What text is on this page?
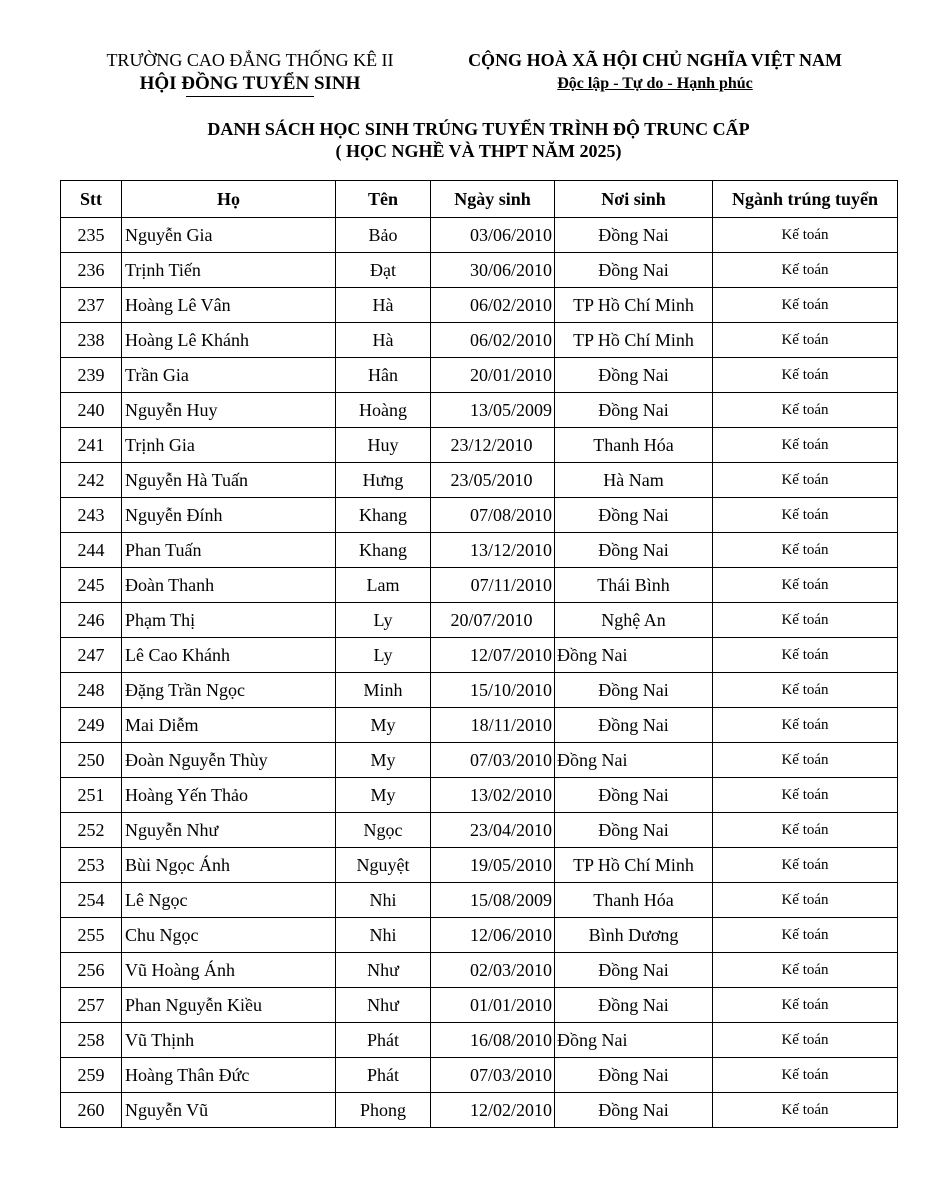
TRƯỜNG CAO ĐẲNG THỐNG KÊ II
HỘI ĐỒNG TUYỂN SINH
CỘNG HOÀ XÃ HỘI CHỦ NGHĨA VIỆT NAM
Độc lập - Tự do - Hạnh phúc
DANH SÁCH HỌC SINH TRÚNG TUYỂN TRÌNH ĐỘ TRUNC CẤP
( HỌC NGHỀ VÀ THPT NĂM 2025)
Stt	Họ	Tên	Ngày sinh	Nơi sinh	Ngành trúng tuyển
235	Nguyễn Gia	Bảo	03/06/2010	Đồng Nai	Kế toán
236	Trịnh Tiến	Đạt	30/06/2010	Đồng Nai	Kế toán
237	Hoàng Lê Vân	Hà	06/02/2010	TP Hồ Chí Minh	Kế toán
238	Hoàng Lê Khánh	Hà	06/02/2010	TP Hồ Chí Minh	Kế toán
239	Trần Gia	Hân	20/01/2010	Đồng Nai	Kế toán
240	Nguyễn Huy	Hoàng	13/05/2009	Đồng Nai	Kế toán
241	Trịnh Gia	Huy	23/12/2010	Thanh Hóa	Kế toán
242	Nguyễn Hà Tuấn	Hưng	23/05/2010	Hà Nam	Kế toán
243	Nguyễn Đính	Khang	07/08/2010	Đồng Nai	Kế toán
244	Phan Tuấn	Khang	13/12/2010	Đồng Nai	Kế toán
245	Đoàn Thanh	Lam	07/11/2010	Thái Bình	Kế toán
246	Phạm Thị	Ly	20/07/2010	Nghệ An	Kế toán
247	Lê Cao Khánh	Ly	12/07/2010	Đồng Nai	Kế toán
248	Đặng Trần Ngọc	Minh	15/10/2010	Đồng Nai	Kế toán
249	Mai Diễm	My	18/11/2010	Đồng Nai	Kế toán
250	Đoàn Nguyễn Thùy	My	07/03/2010	Đồng Nai	Kế toán
251	Hoàng Yến Thảo	My	13/02/2010	Đồng Nai	Kế toán
252	Nguyễn Như	Ngọc	23/04/2010	Đồng Nai	Kế toán
253	Bùi Ngọc Ánh	Nguyệt	19/05/2010	TP Hồ Chí Minh	Kế toán
254	Lê Ngọc	Nhi	15/08/2009	Thanh Hóa	Kế toán
255	Chu Ngọc	Nhi	12/06/2010	Bình Dương	Kế toán
256	Vũ Hoàng Ánh	Như	02/03/2010	Đồng Nai	Kế toán
257	Phan Nguyễn Kiều	Như	01/01/2010	Đồng Nai	Kế toán
258	Vũ Thịnh	Phát	16/08/2010	Đồng Nai	Kế toán
259	Hoàng Thân Đức	Phát	07/03/2010	Đồng Nai	Kế toán
260	Nguyễn Vũ	Phong	12/02/2010	Đồng Nai	Kế toán
